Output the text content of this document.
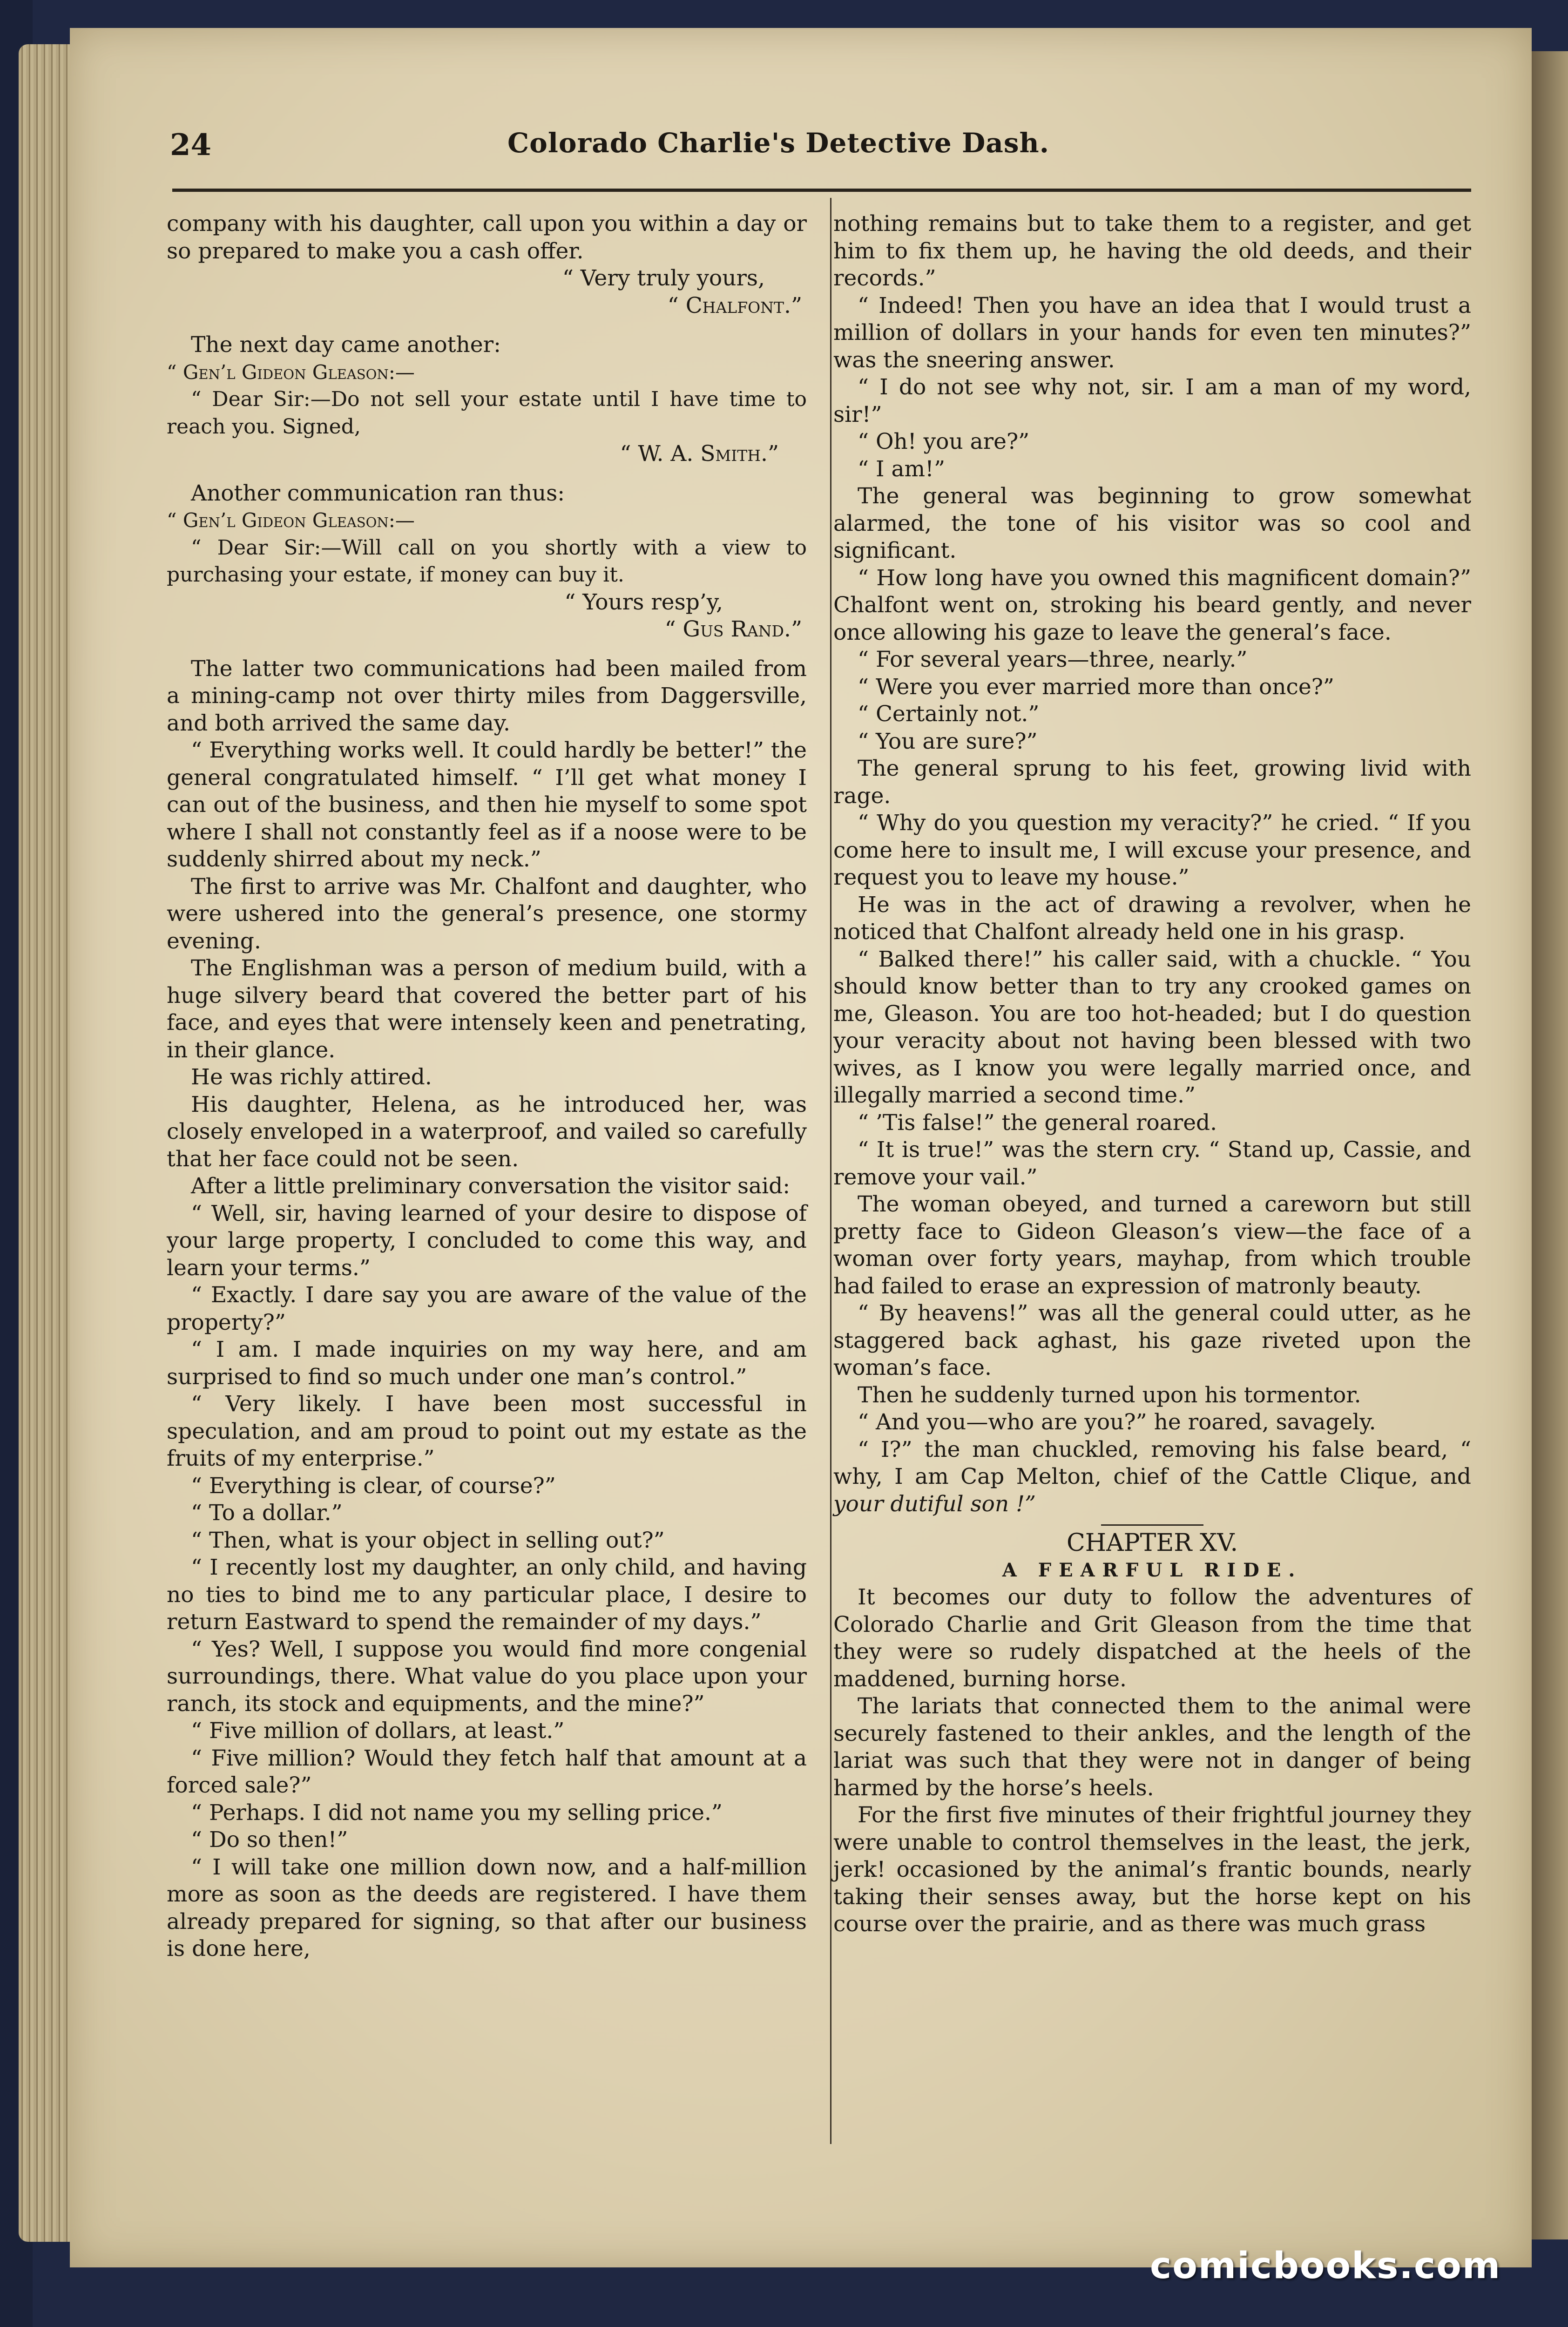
24	Colorado Charlie's Detective Dash.

company with his daughter, call upon you within a day or so prepared to make you a cash offer.

“ Very truly yours,

“ Chalfont.”

The next day came another:

“ Gen’l Gideon Gleason:—

“ Dear Sir:—Do not sell your estate until I have time to reach you. Signed,

“ W. A. Smith.”

Another communication ran thus:

“ Gen’l Gideon Gleason:—

“ Dear Sir:—Will call on you shortly with a view to purchasing your estate, if money can buy it.

“ Yours resp’y,

“ Gus Rand.”

The latter two communications had been mailed from a mining-camp not over thirty miles from Daggersville, and both arrived the same day.

“ Everything works well. It could hardly be better!” the general congratulated himself. “ I’ll get what money I can out of the business, and then hie myself to some spot where I shall not constantly feel as if a noose were to be suddenly shirred about my neck.”

The first to arrive was Mr. Chalfont and daughter, who were ushered into the general’s presence, one stormy evening.

The Englishman was a person of medium build, with a huge silvery beard that covered the better part of his face, and eyes that were intensely keen and penetrating, in their glance.

He was richly attired.

His daughter, Helena, as he introduced her, was closely enveloped in a waterproof, and vailed so carefully that her face could not be seen.

After a little preliminary conversation the visitor said:

“ Well, sir, having learned of your desire to dispose of your large property, I concluded to come this way, and learn your terms.”

“ Exactly. I dare say you are aware of the value of the property?”

“ I am. I made inquiries on my way here, and am surprised to find so much under one man’s control.”

“ Very likely. I have been most successful in speculation, and am proud to point out my estate as the fruits of my enterprise.”

“ Everything is clear, of course?”

“ To a dollar.”

“ Then, what is your object in selling out?”

“ I recently lost my daughter, an only child, and having no ties to bind me to any particular place, I desire to return Eastward to spend the remainder of my days.”

“ Yes? Well, I suppose you would find more congenial surroundings, there. What value do you place upon your ranch, its stock and equipments, and the mine?”

“ Five million of dollars, at least.”

“ Five million? Would they fetch half that amount at a forced sale?”

“ Perhaps. I did not name you my selling price.”

“ Do so then!”

“ I will take one million down now, and a half-million more as soon as the deeds are registered. I have them already prepared for signing, so that after our business is done here,

nothing remains but to take them to a register, and get him to fix them up, he having the old deeds, and their records.”

“ Indeed! Then you have an idea that I would trust a million of dollars in your hands for even ten minutes?” was the sneering answer.

“ I do not see why not, sir. I am a man of my word, sir!”

“ Oh! you are?”

“ I am!”

The general was beginning to grow somewhat alarmed, the tone of his visitor was so cool and significant.

“ How long have you owned this magnificent domain?” Chalfont went on, stroking his beard gently, and never once allowing his gaze to leave the general’s face.

“ For several years—three, nearly.”

“ Were you ever married more than once?”

“ Certainly not.”

“ You are sure?”

The general sprung to his feet, growing livid with rage.

“ Why do you question my veracity?” he cried. “ If you come here to insult me, I will excuse your presence, and request you to leave my house.”

He was in the act of drawing a revolver, when he noticed that Chalfont already held one in his grasp.

“ Balked there!” his caller said, with a chuckle. “ You should know better than to try any crooked games on me, Gleason. You are too hot-headed; but I do question your veracity about not having been blessed with two wives, as I know you were legally married once, and illegally married a second time.”

“ ’Tis false!” the general roared.

“ It is true!” was the stern cry. “ Stand up, Cassie, and remove your vail.”

The woman obeyed, and turned a careworn but still pretty face to Gideon Gleason’s view—the face of a woman over forty years, mayhap, from which trouble had failed to erase an expression of matronly beauty.

“ By heavens!” was all the general could utter, as he staggered back aghast, his gaze riveted upon the woman’s face.

Then he suddenly turned upon his tormentor.

“ And you—who are you?” he roared, savagely.

“ I?” the man chuckled, removing his false beard, “ why, I am Cap Melton, chief of the Cattle Clique, and your dutiful son !”

CHAPTER XV.

A FEARFUL RIDE.

It becomes our duty to follow the adventures of Colorado Charlie and Grit Gleason from the time that they were so rudely dispatched at the heels of the maddened, burning horse.

The lariats that connected them to the animal were securely fastened to their ankles, and the length of the lariat was such that they were not in danger of being harmed by the horse’s heels.

For the first five minutes of their frightful journey they were unable to control themselves in the least, the jerk, jerk! occasioned by the animal’s frantic bounds, nearly taking their senses away, but the horse kept on his course over the prairie, and as there was much grass

comicbooks.com
